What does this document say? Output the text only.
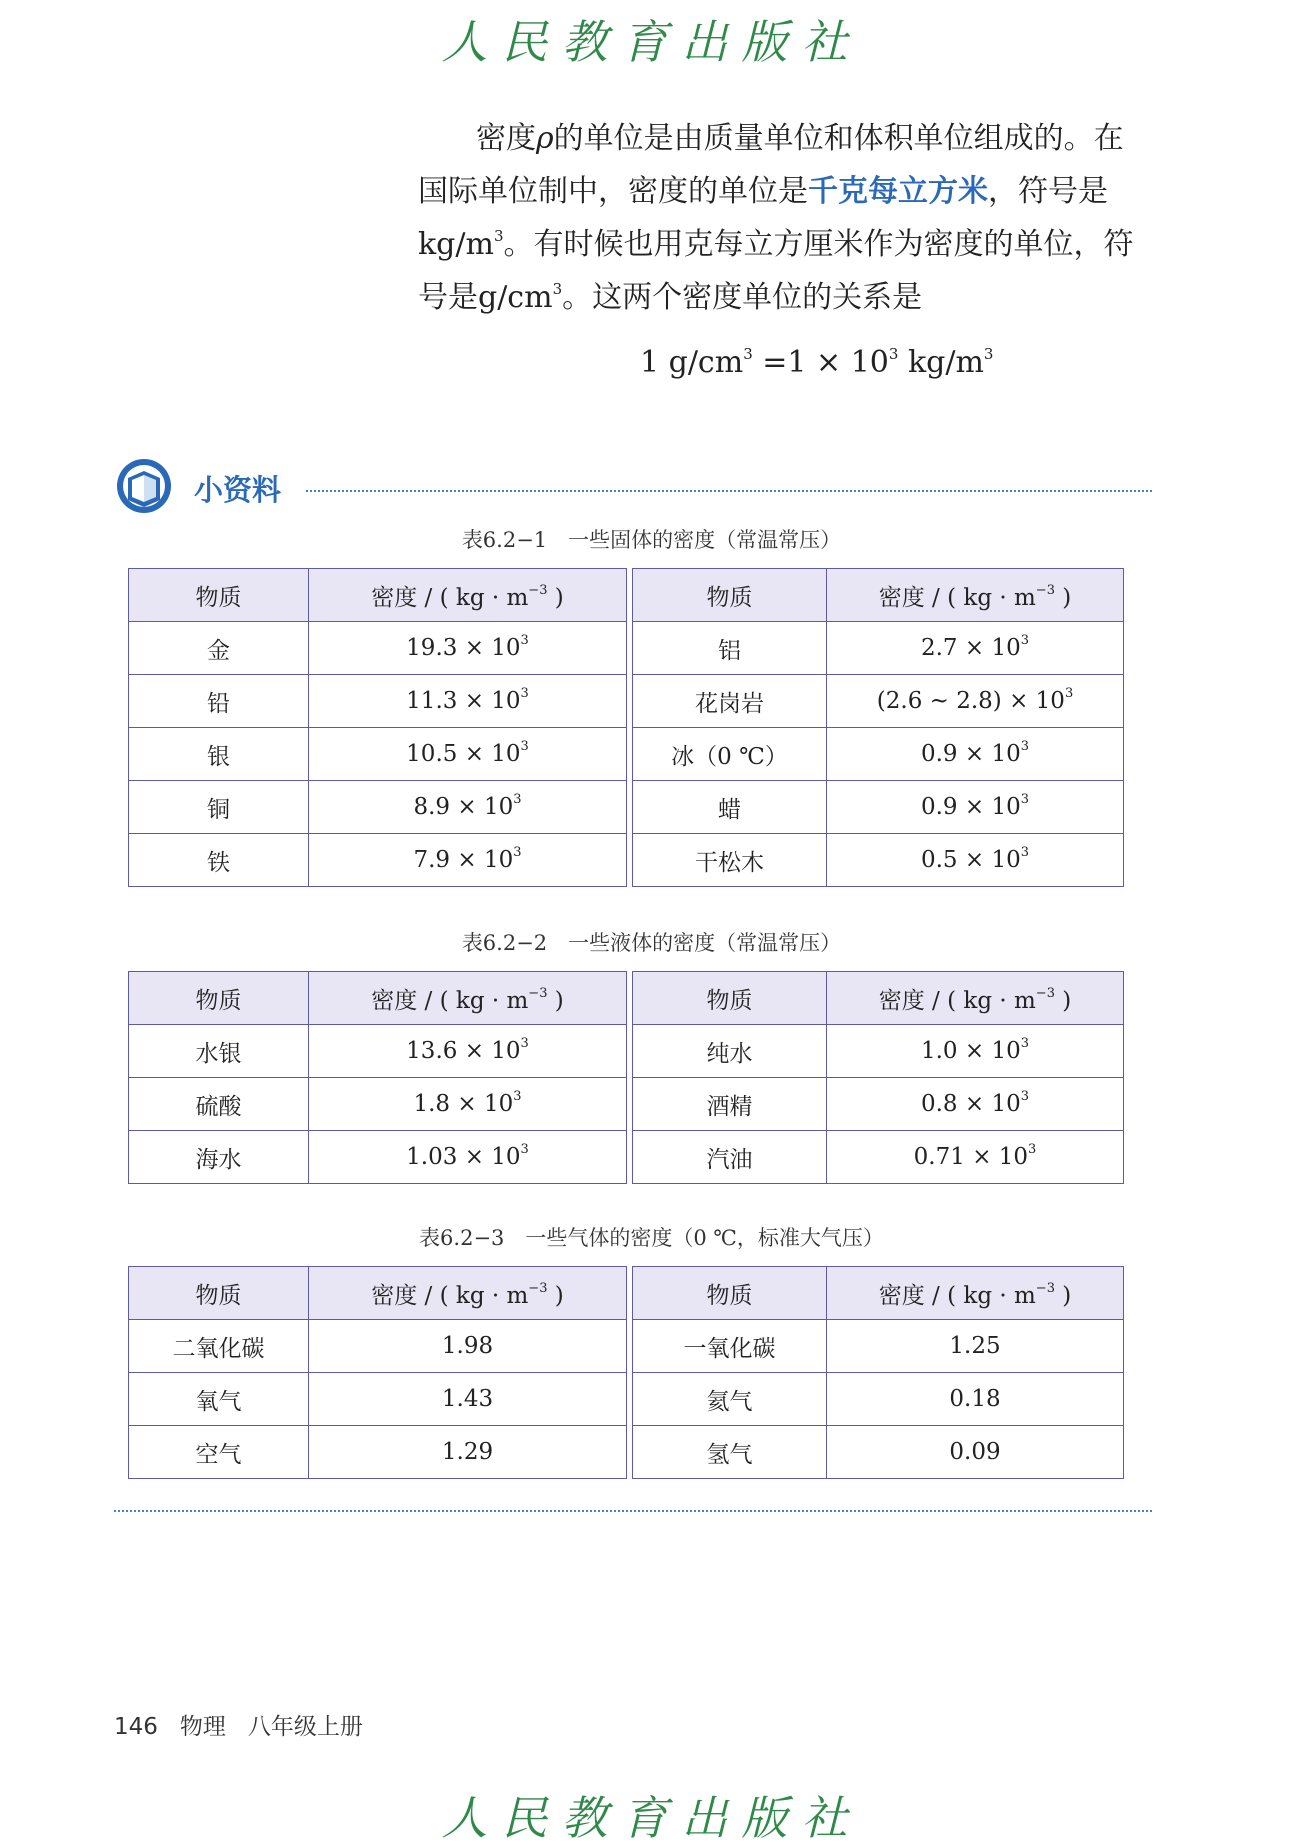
人民教育出版社

密度ρ的单位是由质量单位和体积单位组成的。在国际单位制中，密度的单位是千克每立方米，符号是$kg/m^3$。有时候也用克每立方厘米作为密度的单位，符号是$g/cm^3$。这两个密度单位的关系是

1 $g/cm^3 =1 \times 10^3$ $kg/m^3$
小资料
表6.2−1　一些固体的密度（常温常压）
物质	密度 / ( kg · $m^{-3}$ )		物质	密度 / ( kg · $m^{-3}$ )
金	$19.3 \times 10^3$		铝	$2.7 \times 10^3$
铅	$11.3 \times 10^3$		花岗岩	(2.6 ~ $2.8) \times 10^3$
银	$10.5 \times 10^3$		冰（0 ℃）	$0.9 \times 10^3$
铜	$8.9 \times 10^3$		蜡	$0.9 \times 10^3$
铁	$7.9 \times 10^3$		干松木	$0.5 \times 10^3$
表6.2−2　一些液体的密度（常温常压）
物质	密度 / ( kg · $m^{-3}$ )		物质	密度 / ( kg · $m^{-3}$ )
水银	$13.6 \times 10^3$		纯水	$1.0 \times 10^3$
硫酸	$1.8 \times 10^3$		酒精	$0.8 \times 10^3$
海水	$1.03 \times 10^3$		汽油	$0.71 \times 10^3$
表6.2−3　一些气体的密度（0 ℃，标准大气压）
物质	密度 / ( kg · $m^{-3}$ )		物质	密度 / ( kg · $m^{-3}$ )
二氧化碳	1.98		一氧化碳	1.25
氧气	1.43		氦气	0.18
空气	1.29		氢气	0.09
146 物理 八年级上册
人民教育出版社
